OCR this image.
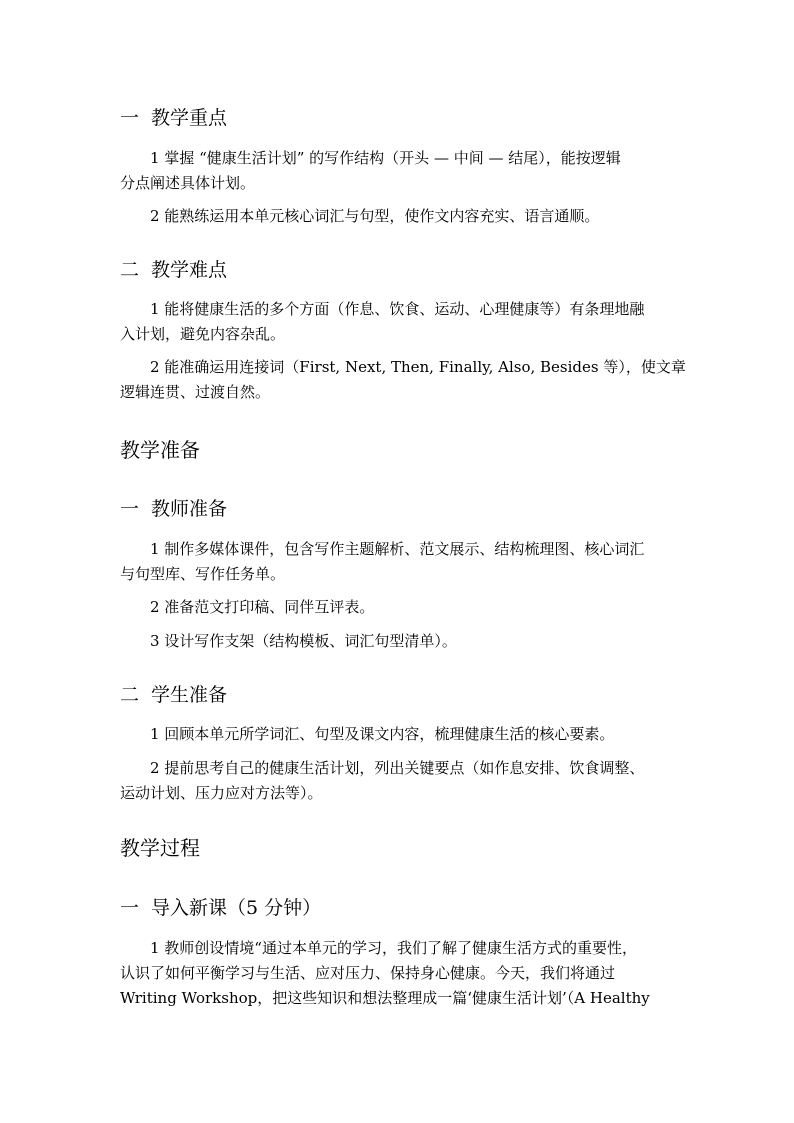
一 教学重点
1 掌握 “健康生活计划” 的写作结构（开头 — 中间 — 结尾），能按逻辑
分点阐述具体计划。
2 能熟练运用本单元核心词汇与句型，使作文内容充实、语言通顺。
二 教学难点
1 能将健康生活的多个方面（作息、饮食、运动、心理健康等）有条理地融
入计划，避免内容杂乱。
2 能准确运用连接词（First, Next, Then, Finally, Also, Besides 等），使文章
逻辑连贯、过渡自然。
教学准备
一 教师准备
1 制作多媒体课件，包含写作主题解析、范文展示、结构梳理图、核心词汇
与句型库、写作任务单。
2 准备范文打印稿、同伴互评表。
3 设计写作支架（结构模板、词汇句型清单）。
二 学生准备
1 回顾本单元所学词汇、句型及课文内容，梳理健康生活的核心要素。
2 提前思考自己的健康生活计划，列出关键要点（如作息安排、饮食调整、
运动计划、压力应对方法等）。
教学过程
一 导入新课（5 分钟）
1 教师创设情境“通过本单元的学习，我们了解了健康生活方式的重要性，
认识了如何平衡学习与生活、应对压力、保持身心健康。今天，我们将通过
Writing Workshop，把这些知识和想法整理成一篇‘健康生活计划’（A Healthy
